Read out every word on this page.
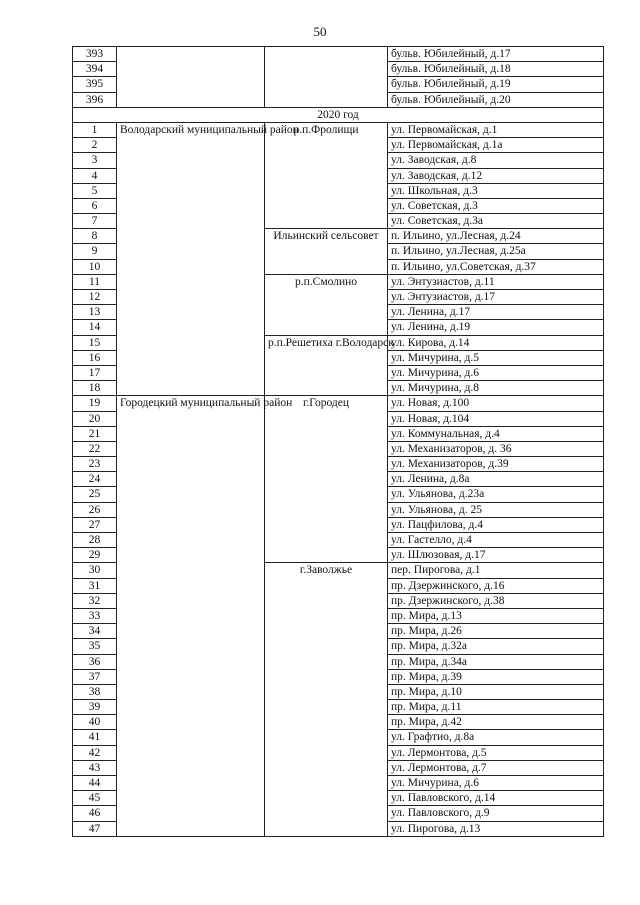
50
393			бульв. Юбилейный, д.17
394			бульв. Юбилейный, д.18
395			бульв. Юбилейный, д.19
396			бульв. Юбилейный, д.20
2020 год			
1	Володарский муниципальный район	р.п.Фролищи	ул. Первомайская, д.1
2			ул. Первомайская, д.1а
3			ул. Заводская, д.8
4			ул. Заводская, д.12
5			ул. Школьная, д.3
6			ул. Советская, д.3
7			ул. Советская, д.3а
8		Ильинский сельсовет	п. Ильино, ул.Лесная, д.24
9			п. Ильино, ул.Лесная, д.25а
10			п. Ильино, ул.Советская, д.37
11		р.п.Смолино	ул. Энтузиастов, д.11
12			ул. Энтузиастов, д.17
13			ул. Ленина, д.17
14			ул. Ленина, д.19
15		р.п.Решетиха г.Володарск	ул. Кирова, д.14
16			ул. Мичурина, д.5
17			ул. Мичурина, д.6
18			ул. Мичурина, д.8
19	Городецкий муниципальный район	г.Городец	ул. Новая, д.100
20			ул. Новая, д.104
21			ул. Коммунальная, д.4
22			ул. Механизаторов, д. 36
23			ул. Механизаторов, д.39
24			ул. Ленина, д.8а
25			ул. Ульянова, д.23а
26			ул. Ульянова, д. 25
27			ул. Пацфилова, д.4
28			ул. Гастелло, д.4
29			ул. Шлюзовая, д.17
30		г.Заволжье	пер. Пирогова, д.1
31			пр. Дзержинского, д.16
32			пр. Дзержинского, д.38
33			пр. Мира, д.13
34			пр. Мира, д.26
35			пр. Мира, д.32а
36			пр. Мира, д.34а
37			пр. Мира, д.39
38			пр. Мира, д.10
39			пр. Мира, д.11
40			пр. Мира, д.42
41			ул. Графтио, д.8а
42			ул. Лермонтова, д.5
43			ул. Лермонтова, д.7
44			ул. Мичурина, д.6
45			ул. Павловского, д.14
46			ул. Павловского, д.9
47			ул. Пирогова, д.13
